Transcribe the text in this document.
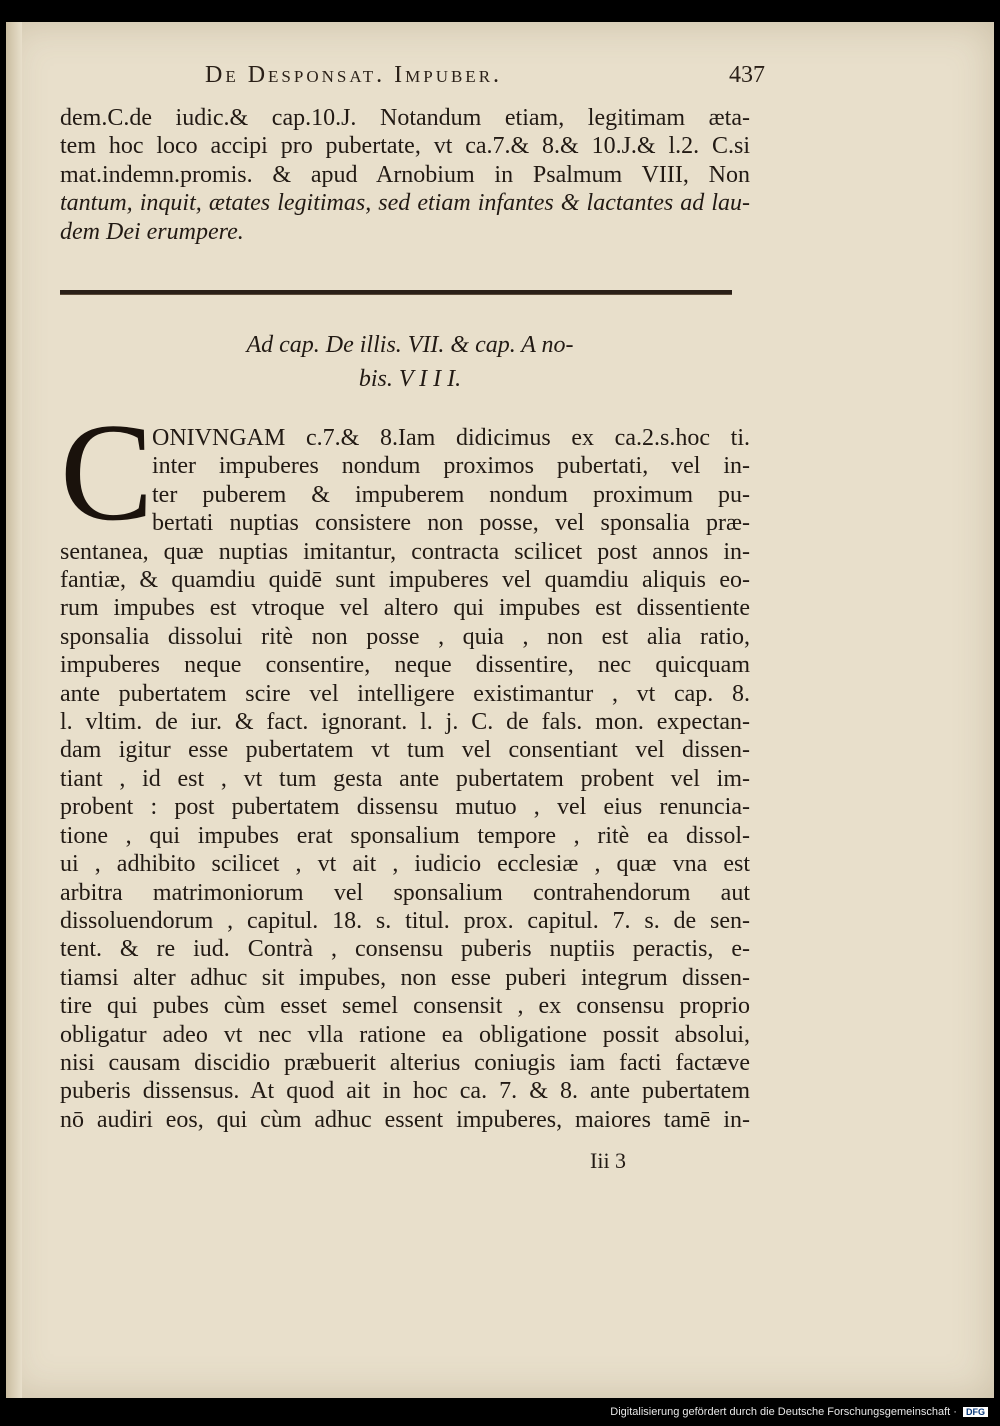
De Desponsat. Impuber.	437
dem.C.de iudic.& cap.10.J. Notandum etiam, legitimam æta-
tem hoc loco accipi pro pubertate, vt ca.7.& 8.& 10.J.& l.2. C.si
mat.indemn.promis. & apud Arnobium in Psalmum VIII, Non
tantum, inquit, ætates legitimas, sed etiam infantes & lactantes ad lau-
dem Dei erumpere.
Ad cap. De illis. VII. & cap. A no-
bis. V I I I.
C
ONIVNGAM c.7.& 8.Iam didicimus ex ca.2.s.hoc ti.
inter impuberes nondum proximos pubertati, vel in-
ter puberem & impuberem nondum proximum pu-
bertati nuptias consistere non posse, vel sponsalia præ-
sentanea, quæ nuptias imitantur, contracta scilicet post annos in-
fantiæ, & quamdiu quidē sunt impuberes vel quamdiu aliquis eo-
rum impubes est vtroque vel altero qui impubes est dissentiente
sponsalia dissolui ritè non posse , quia , non est alia ratio,
impuberes neque consentire, neque dissentire, nec quicquam
ante pubertatem scire vel intelligere existimantur , vt cap. 8.
l. vltim. de iur. & fact. ignorant. l. j. C. de fals. mon. expectan-
dam igitur esse pubertatem vt tum vel consentiant vel dissen-
tiant , id est , vt tum gesta ante pubertatem probent vel im-
probent : post pubertatem dissensu mutuo , vel eius renuncia-
tione , qui impubes erat sponsalium tempore , ritè ea dissol-
ui , adhibito scilicet , vt ait , iudicio ecclesiæ , quæ vna est
arbitra matrimoniorum vel sponsalium contrahendorum aut
dissoluendorum , capitul. 18. s. titul. prox. capitul. 7. s. de sen-
tent. & re iud. Contrà , consensu puberis nuptiis peractis, e-
tiamsi alter adhuc sit impubes, non esse puberi integrum dissen-
tire qui pubes cùm esset semel consensit , ex consensu proprio
obligatur adeo vt nec vlla ratione ea obligatione possit absolui,
nisi causam discidio præbuerit alterius coniugis iam facti factæve
puberis dissensus. At quod ait in hoc ca. 7. & 8. ante pubertatem
nō audiri eos, qui cùm adhuc essent impuberes, maiores tamē in-
Iii 3
Digitalisierung gefördert durch die Deutsche Forschungsgemeinschaft · DFG
